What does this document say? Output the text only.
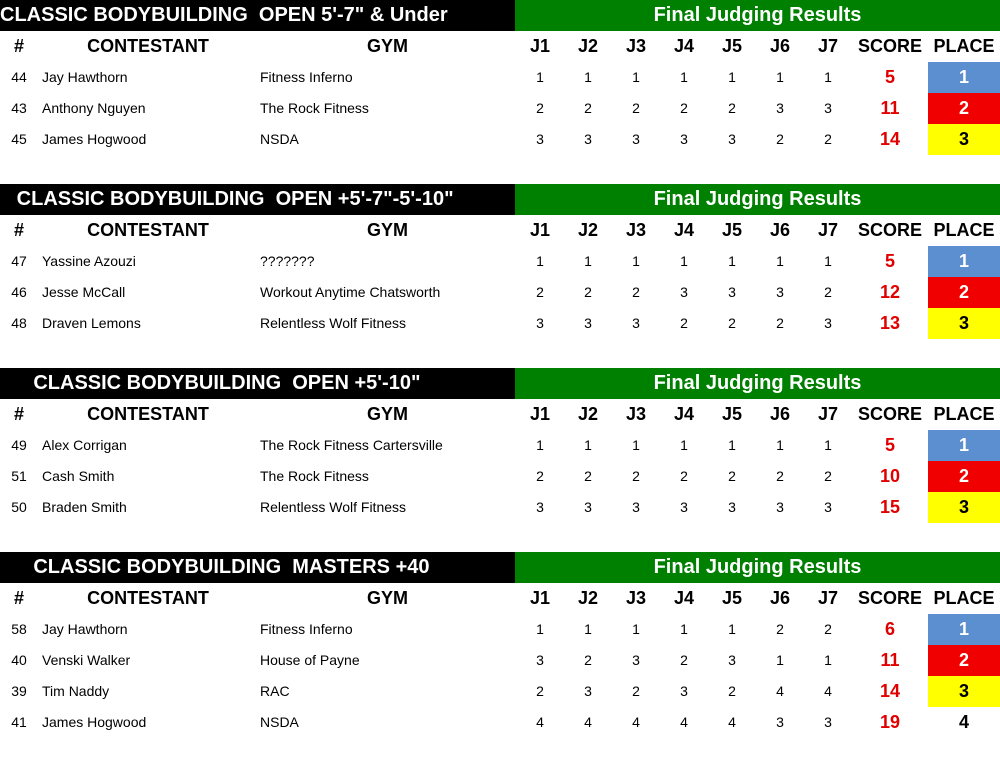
CLASSIC BODYBUILDING  OPEN 5'-7" & Under	Final Judging Results
#	CONTESTANT	GYM	J1	J2	J3	J4	J5	J6	J7	SCORE PLACE
44	Jay Hawthorn	Fitness Inferno	1	1	1	1	1	1	1	5	1
43	Anthony Nguyen	The Rock Fitness	2	2	2	2	2	3	3	11	2
45	James Hogwood	NSDA	3	3	3	3	3	2	2	14	3
CLASSIC BODYBUILDING  OPEN +5'-7"-5'-10"	Final Judging Results
#	CONTESTANT	GYM	J1	J2	J3	J4	J5	J6	J7	SCORE PLACE
47	Yassine Azouzi	???????	1	1	1	1	1	1	1	5	1
46	Jesse McCall	Workout Anytime Chatsworth	2	2	2	3	3	3	2	12	2
48	Draven Lemons	Relentless Wolf Fitness	3	3	3	2	2	2	3	13	3
CLASSIC BODYBUILDING  OPEN +5'-10"	Final Judging Results
#	CONTESTANT	GYM	J1	J2	J3	J4	J5	J6	J7	SCORE PLACE
49	Alex Corrigan	The Rock Fitness Cartersville	1	1	1	1	1	1	1	5	1
51	Cash Smith	The Rock Fitness	2	2	2	2	2	2	2	10	2
50	Braden Smith	Relentless Wolf Fitness	3	3	3	3	3	3	3	15	3
CLASSIC BODYBUILDING  MASTERS +40	Final Judging Results
#	CONTESTANT	GYM	J1	J2	J3	J4	J5	J6	J7	SCORE PLACE
58	Jay Hawthorn	Fitness Inferno	1	1	1	1	1	2	2	6	1
40	Venski Walker	House of Payne	3	2	3	2	3	1	1	11	2
39	Tim Naddy	RAC	2	3	2	3	2	4	4	14	3
41	James Hogwood	NSDA	4	4	4	4	4	3	3	19	4
